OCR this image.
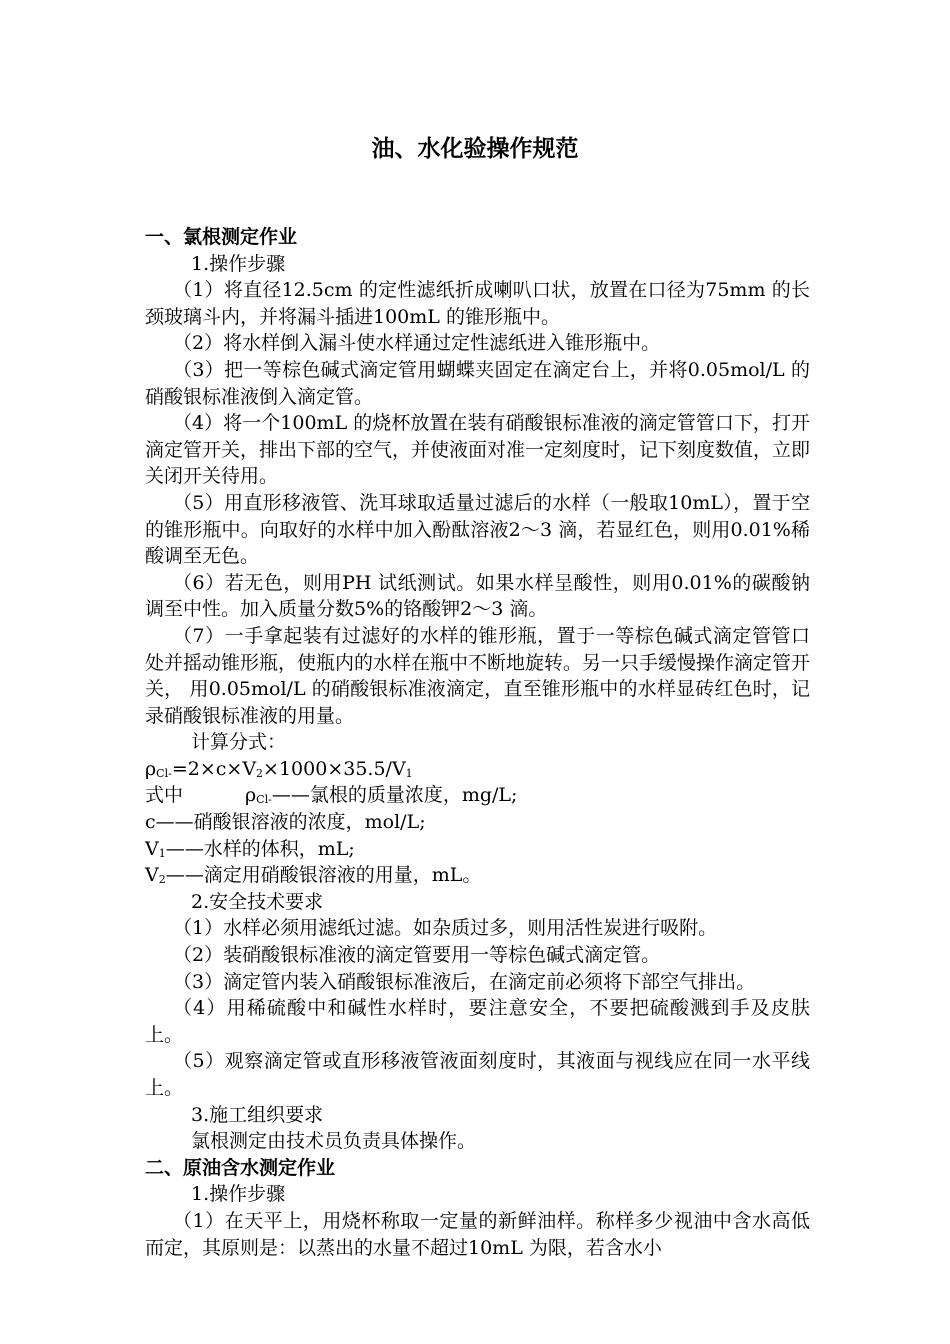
油、水化验操作规范

一、氯根测定作业

1.操作步骤

（1）将直径12.5cm 的定性滤纸折成喇叭口状，放置在口径为75mm 的长颈玻璃斗内，并将漏斗插进100mL 的锥形瓶中。

（2）将水样倒入漏斗使水样通过定性滤纸进入锥形瓶中。

（3）把一等棕色碱式滴定管用蝴蝶夹固定在滴定台上，并将0.05mol/L 的硝酸银标准液倒入滴定管。

（4）将一个100mL 的烧杯放置在装有硝酸银标准液的滴定管管口下，打开滴定管开关，排出下部的空气，并使液面对准一定刻度时，记下刻度数值，立即关闭开关待用。

（5）用直形移液管、洗耳球取适量过滤后的水样（一般取10mL），置于空的锥形瓶中。向取好的水样中加入酚酞溶液2～3 滴，若显红色，则用0.01%稀酸调至无色。

（6）若无色，则用PH 试纸测试。如果水样呈酸性，则用0.01%的碳酸钠调至中性。加入质量分数5%的铬酸钾2～3 滴。

（7）一手拿起装有过滤好的水样的锥形瓶，置于一等棕色碱式滴定管管口处并摇动锥形瓶，使瓶内的水样在瓶中不断地旋转。另一只手缓慢操作滴定管开关， 用0.05mol/L 的硝酸银标准液滴定，直至锥形瓶中的水样显砖红色时，记录硝酸银标准液的用量。

计算分式：

$\rho_{Cl-}=2\times c\times V_2\times 1000\times 35.5/V_1$

式中	$\rho_{Cl-}——$氯根的质量浓度，mg/L;

c——硝酸银溶液的浓度，mol/L;

$V_1——$水样的体积，mL;

$V_2——$滴定用硝酸银溶液的用量，mL。

2.安全技术要求

（1）水样必须用滤纸过滤。如杂质过多，则用活性炭进行吸附。

（2）装硝酸银标准液的滴定管要用一等棕色碱式滴定管。

（3）滴定管内装入硝酸银标准液后，在滴定前必须将下部空气排出。

（4）用稀硫酸中和碱性水样时，要注意安全，不要把硫酸溅到手及皮肤上。

（5）观察滴定管或直形移液管液面刻度时，其液面与视线应在同一水平线上。

3.施工组织要求

氯根测定由技术员负责具体操作。

二、原油含水测定作业

1.操作步骤

（1）在天平上，用烧杯称取一定量的新鲜油样。称样多少视油中含水高低而定，其原则是：以蒸出的水量不超过10mL 为限，若含水小
